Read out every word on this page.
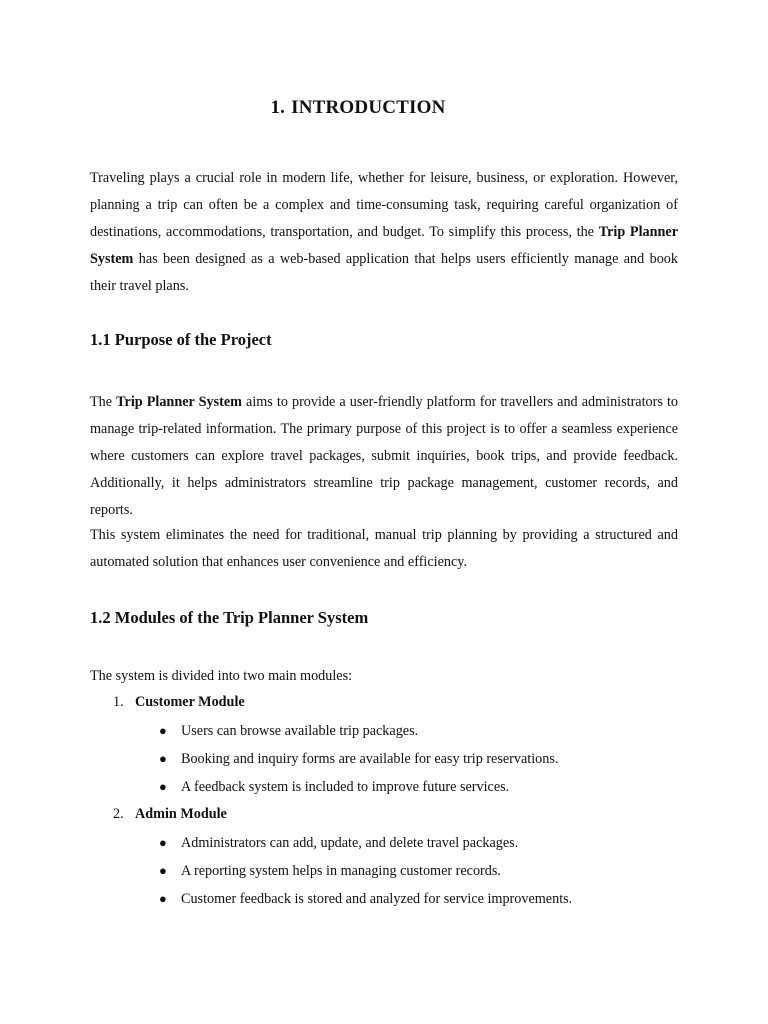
1. INTRODUCTION

Traveling plays a crucial role in modern life, whether for leisure, business, or exploration. However, planning a trip can often be a complex and time-consuming task, requiring careful organization of destinations, accommodations, transportation, and budget. To simplify this process, the Trip Planner System has been designed as a web-based application that helps users efficiently manage and book their travel plans.

1.1 Purpose of the Project

The Trip Planner System aims to provide a user-friendly platform for travellers and administrators to manage trip-related information. The primary purpose of this project is to offer a seamless experience where customers can explore travel packages, submit inquiries, book trips, and provide feedback. Additionally, it helps administrators streamline trip package management, customer records, and reports.

This system eliminates the need for traditional, manual trip planning by providing a structured and automated solution that enhances user convenience and efficiency.

1.2 Modules of the Trip Planner System

The system is divided into two main modules:

1. Customer Module
● Users can browse available trip packages.
● Booking and inquiry forms are available for easy trip reservations.
● A feedback system is included to improve future services.
2. Admin Module
● Administrators can add, update, and delete travel packages.
● A reporting system helps in managing customer records.
● Customer feedback is stored and analyzed for service improvements.
